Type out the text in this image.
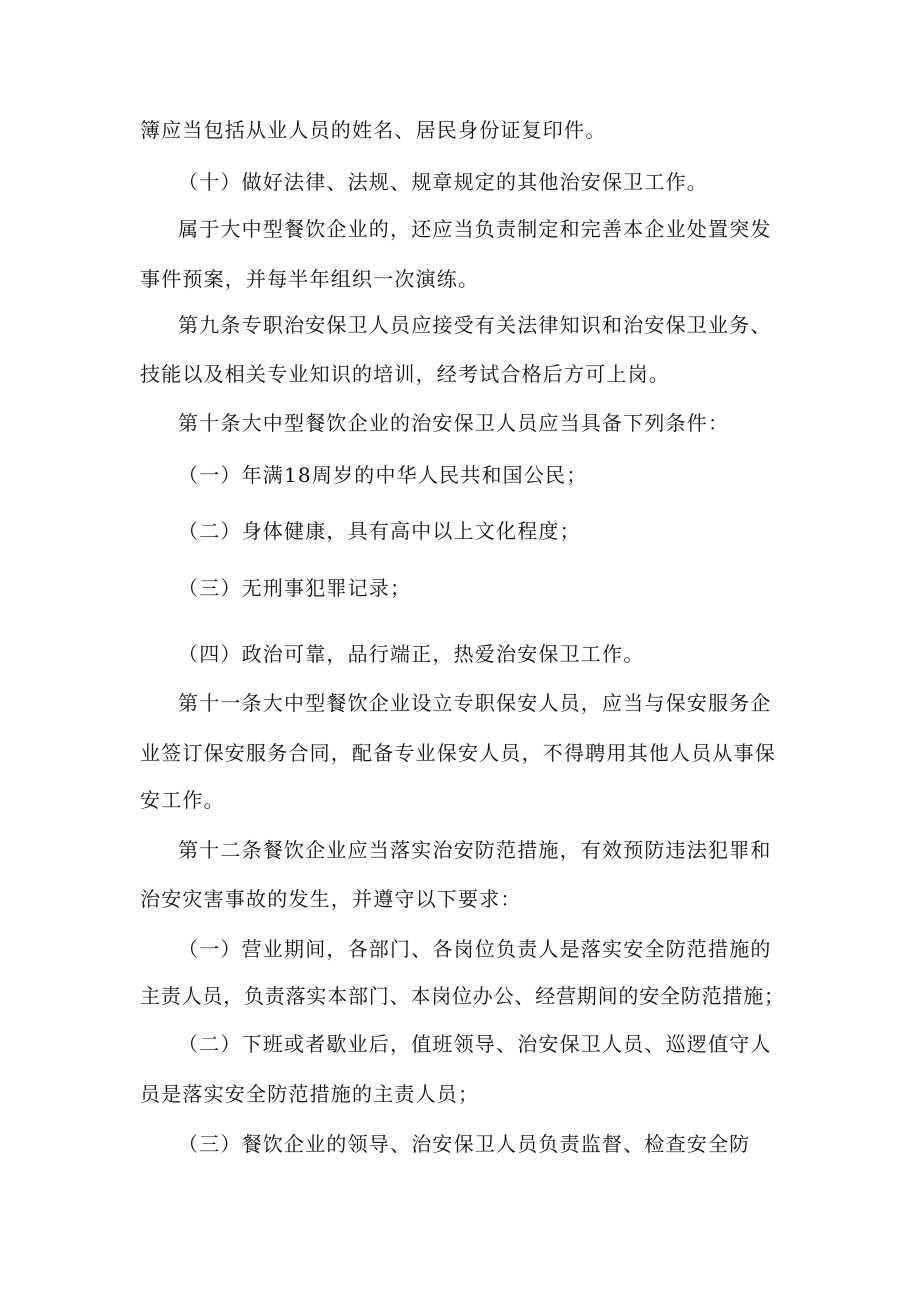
簿应当包括从业人员的姓名、居民身份证复印件。
（十）做好法律、法规、规章规定的其他治安保卫工作。
属于大中型餐饮企业的，还应当负责制定和完善本企业处置突发
事件预案，并每半年组织一次演练。
第九条专职治安保卫人员应接受有关法律知识和治安保卫业务、
技能以及相关专业知识的培训，经考试合格后方可上岗。
第十条大中型餐饮企业的治安保卫人员应当具备下列条件：
（一）年满18周岁的中华人民共和国公民；
（二）身体健康，具有高中以上文化程度；
（三）无刑事犯罪记录；
（四）政治可靠，品行端正，热爱治安保卫工作。
第十一条大中型餐饮企业设立专职保安人员，应当与保安服务企
业签订保安服务合同，配备专业保安人员，不得聘用其他人员从事保
安工作。
第十二条餐饮企业应当落实治安防范措施，有效预防违法犯罪和
治安灾害事故的发生，并遵守以下要求：
（一）营业期间，各部门、各岗位负责人是落实安全防范措施的
主责人员，负责落实本部门、本岗位办公、经营期间的安全防范措施；
（二）下班或者歇业后，值班领导、治安保卫人员、巡逻值守人
员是落实安全防范措施的主责人员；
（三）餐饮企业的领导、治安保卫人员负责监督、检查安全防
